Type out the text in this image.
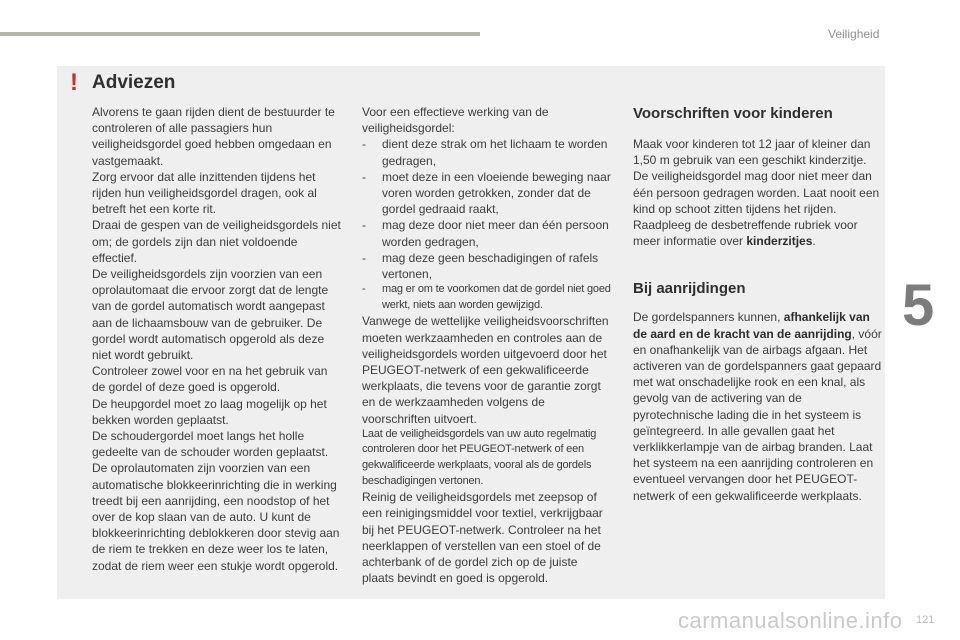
Veiligheid
! Adviezen

Alvorens te gaan rijden dient de bestuurder te controleren of alle passagiers hun veiligheidsgordel goed hebben omgedaan en vastgemaakt.

Zorg ervoor dat alle inzittenden tijdens het rijden hun veiligheidsgordel dragen, ook al betreft het een korte rit.

Draai de gespen van de veiligheidsgordels niet om; de gordels zijn dan niet voldoende effectief.

De veiligheidsgordels zijn voorzien van een oprolautomaat die ervoor zorgt dat de lengte van de gordel automatisch wordt aangepast aan de lichaamsbouw van de gebruiker. De gordel wordt automatisch opgerold als deze niet wordt gebruikt.

Controleer zowel voor en na het gebruik van de gordel of deze goed is opgerold.

De heupgordel moet zo laag mogelijk op het bekken worden geplaatst.

De schoudergordel moet langs het holle gedeelte van de schouder worden geplaatst.

De oprolautomaten zijn voorzien van een automatische blokkeerinrichting die in werking treedt bij een aanrijding, een noodstop of het over de kop slaan van de auto. U kunt de blokkeerinrichting deblokkeren door stevig aan de riem te trekken en deze weer los te laten, zodat de riem weer een stukje wordt opgerold.

Voor een effectieve werking van de veiligheidsgordel:

-	dient deze strak om het lichaam te worden gedragen,
-	moet deze in een vloeiende beweging naar voren worden getrokken, zonder dat de gordel gedraaid raakt,
-	mag deze door niet meer dan één persoon worden gedragen,
-	mag deze geen beschadigingen of rafels vertonen,
-	mag er om te voorkomen dat de gordel niet goed werkt, niets aan worden gewijzigd.

Vanwege de wettelijke veiligheidsvoorschriften moeten werkzaamheden en controles aan de veiligheidsgordels worden uitgevoerd door het PEUGEOT-netwerk of een gekwalificeerde werkplaats, die tevens voor de garantie zorgt en de werkzaamheden volgens de voorschriften uitvoert.

Laat de veiligheidsgordels van uw auto regelmatig controleren door het PEUGEOT-netwerk of een gekwalificeerde werkplaats, vooral als de gordels beschadigingen vertonen.

Reinig de veiligheidsgordels met zeepsop of een reinigingsmiddel voor textiel, verkrijgbaar bij het PEUGEOT-netwerk. Controleer na het neerklappen of verstellen van een stoel of de achterbank of de gordel zich op de juiste plaats bevindt en goed is opgerold.

Voorschriften voor kinderen

Maak voor kinderen tot 12 jaar of kleiner dan 1,50 m gebruik van een geschikt kinderzitje. De veiligheidsgordel mag door niet meer dan één persoon gedragen worden. Laat nooit een kind op schoot zitten tijdens het rijden. Raadpleeg de desbetreffende rubriek voor meer informatie over kinderzitjes.

Bij aanrijdingen

De gordelspanners kunnen, afhankelijk van de aard en de kracht van de aanrijding, vóór en onafhankelijk van de airbags afgaan. Het activeren van de gordelspanners gaat gepaard met wat onschadelijke rook en een knal, als gevolg van de activering van de pyrotechnische lading die in het systeem is geïntegreerd. In alle gevallen gaat het verklikkerlampje van de airbag branden. Laat het systeem na een aanrijding controleren en eventueel vervangen door het PEUGEOT-netwerk of een gekwalificeerde werkplaats.

5
carmanualsonline.info 121
